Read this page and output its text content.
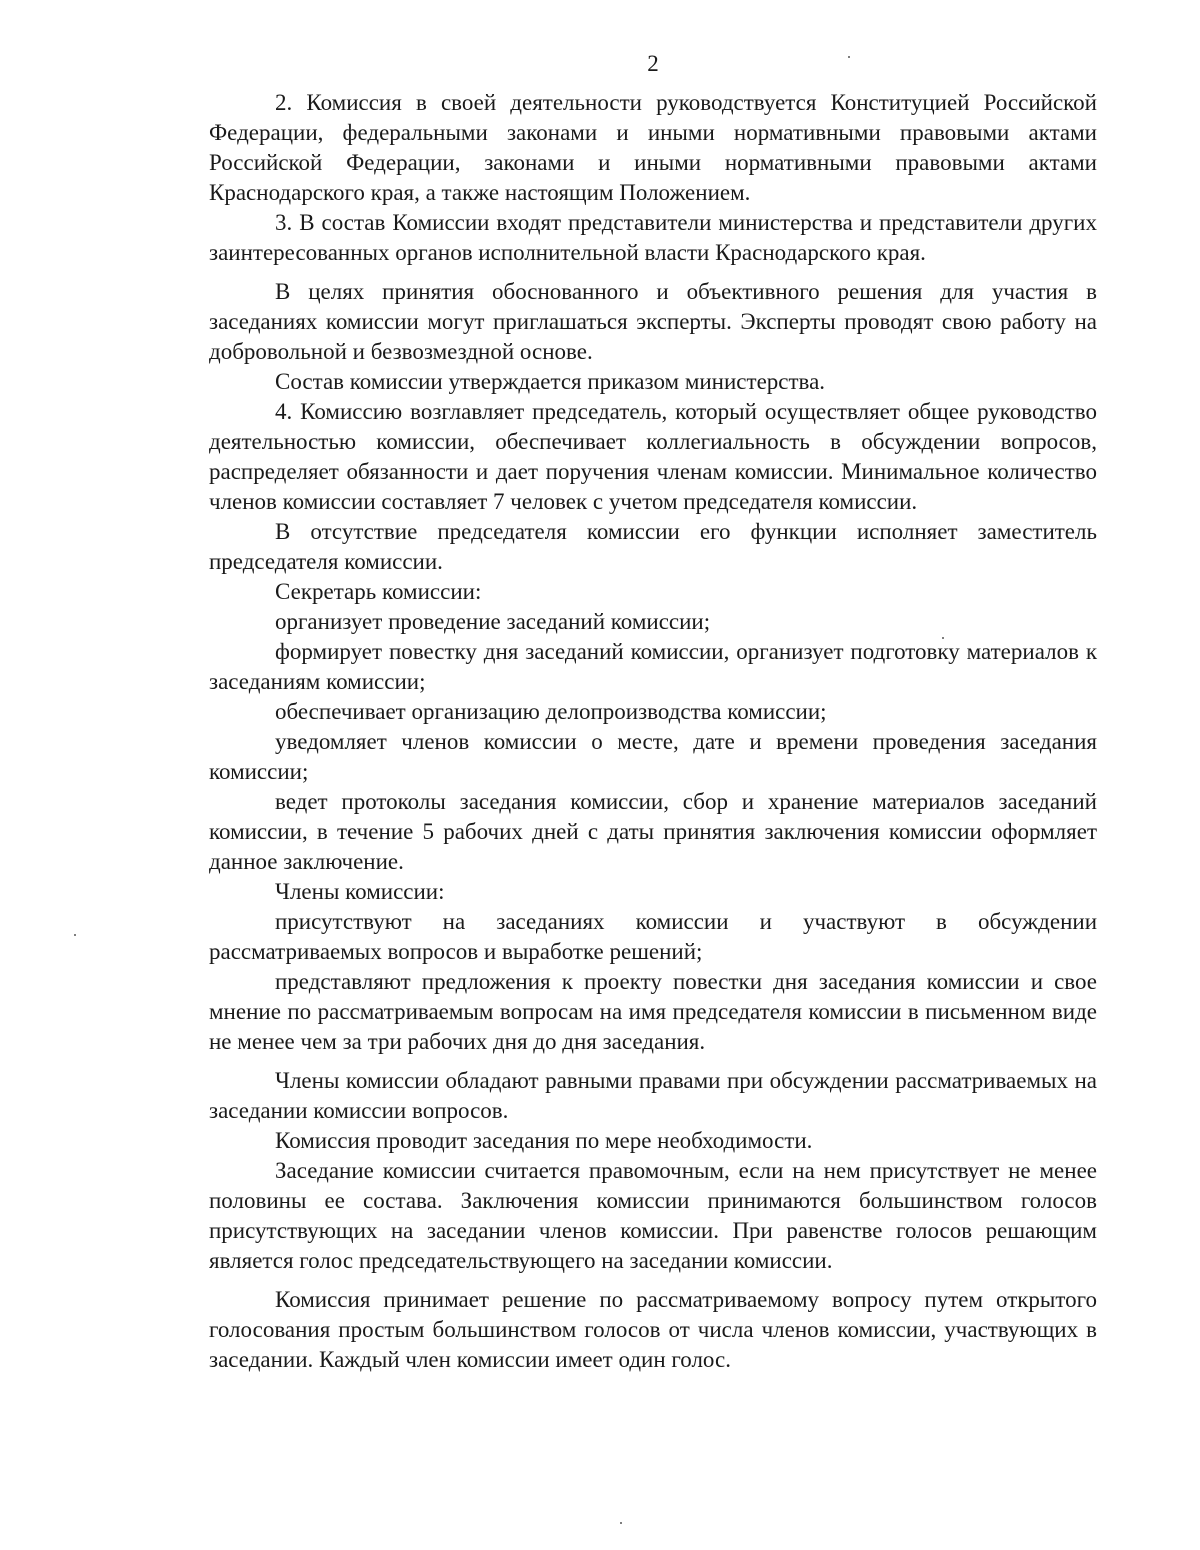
2

2. Комиссия в своей деятельности руководствуется Конституцией Российской Федерации, федеральными законами и иными нормативными правовыми актами Российской Федерации, законами и иными нормативными правовыми актами Краснодарского края, а также настоящим Положением.

3. В состав Комиссии входят представители министерства и представители других заинтересованных органов исполнительной власти Краснодарского края.

В целях принятия обоснованного и объективного решения для участия в заседаниях комиссии могут приглашаться эксперты. Эксперты проводят свою работу на добровольной и безвозмездной основе.

Состав комиссии утверждается приказом министерства.

4. Комиссию возглавляет председатель, который осуществляет общее руководство деятельностью комиссии, обеспечивает коллегиальность в обсуждении вопросов, распределяет обязанности и дает поручения членам комиссии. Минимальное количество членов комиссии составляет 7 человек с учетом председателя комиссии.

В отсутствие председателя комиссии его функции исполняет заместитель председателя комиссии.

Секретарь комиссии:

организует проведение заседаний комиссии;

формирует повестку дня заседаний комиссии, организует подготовку материалов к заседаниям комиссии;

обеспечивает организацию делопроизводства комиссии;

уведомляет членов комиссии о месте, дате и времени проведения заседания комиссии;

ведет протоколы заседания комиссии, сбор и хранение материалов заседаний комиссии, в течение 5 рабочих дней с даты принятия заключения комиссии оформляет данное заключение.

Члены комиссии:

присутствуют на заседаниях комиссии и участвуют в обсуждении рассматриваемых вопросов и выработке решений;

представляют предложения к проекту повестки дня заседания комиссии и свое мнение по рассматриваемым вопросам на имя председателя комиссии в письменном виде не менее чем за три рабочих дня до дня заседания.

Члены комиссии обладают равными правами при обсуждении рассматриваемых на заседании комиссии вопросов.

Комиссия проводит заседания по мере необходимости.

Заседание комиссии считается правомочным, если на нем присутствует не менее половины ее состава. Заключения комиссии принимаются большинством голосов присутствующих на заседании членов комиссии. При равенстве голосов решающим является голос председательствующего на заседании комиссии.

Комиссия принимает решение по рассматриваемому вопросу путем открытого голосования простым большинством голосов от числа членов комиссии, участвующих в заседании. Каждый член комиссии имеет один голос.
